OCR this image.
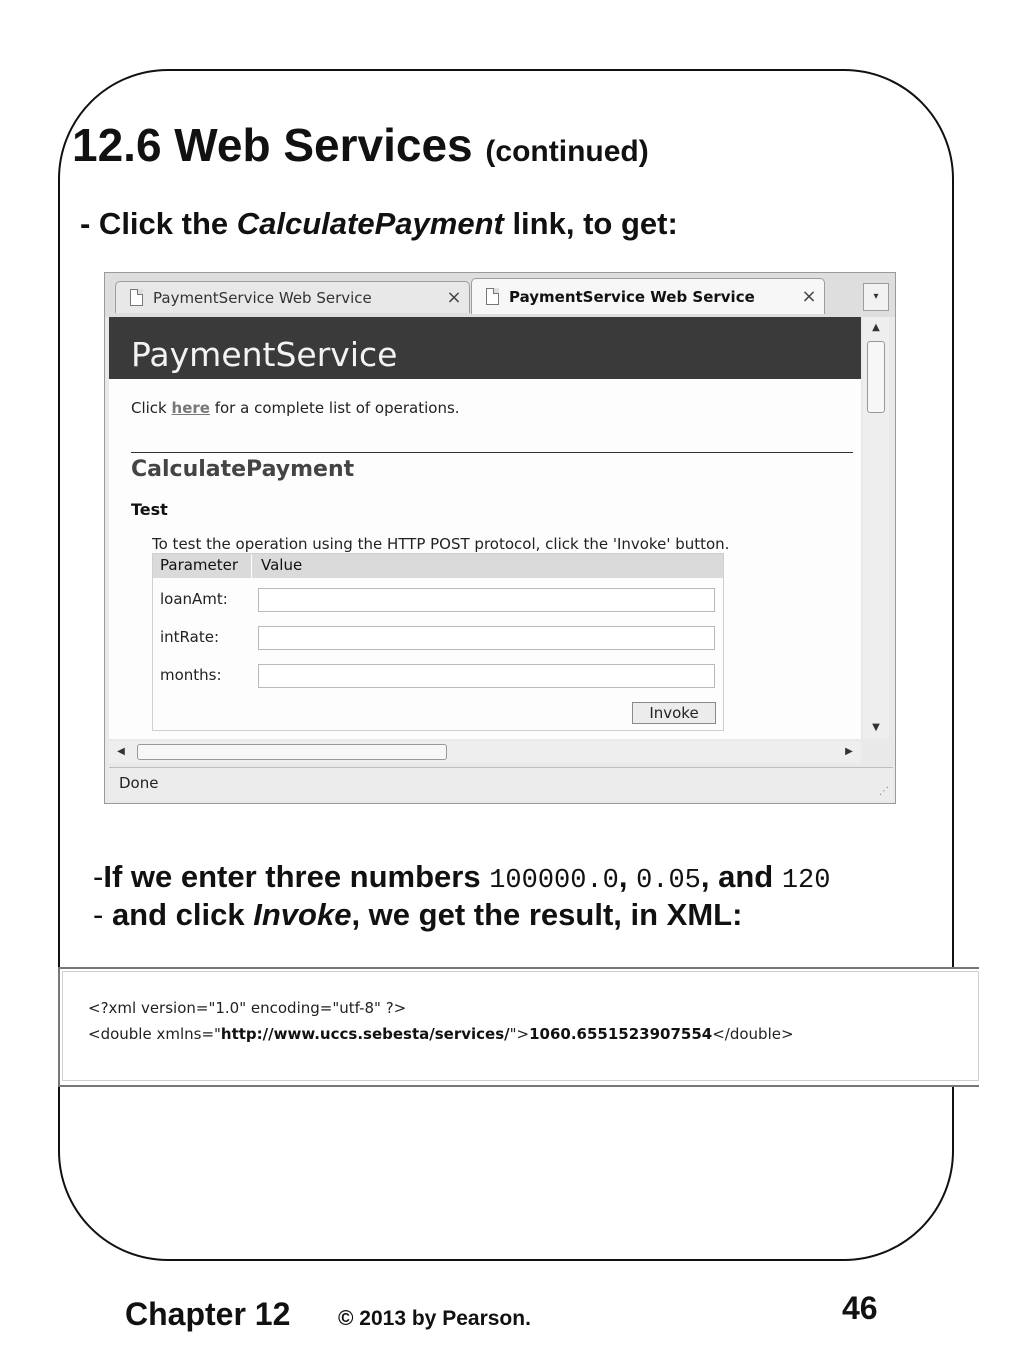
12.6 Web Services (continued)
- Click the CalculatePayment link, to get:
PaymentService Web Service	×	PaymentService Web Service	×	▾
PaymentService
Click here for a complete list of operations.
CalculatePayment
Test
To test the operation using the HTTP POST protocol, click the 'Invoke' button.
Parameter Value
loanAmt:
intRate:
months:
Invoke
▲
▼
◀	▶
Done	⋰
-If we enter three numbers 100000.0, 0.05, and 120
- and click Invoke, we get the result, in XML:
<?xml version="1.0" encoding="utf-8" ?>
<double xmlns="http://www.uccs.sebesta/services/">1060.6551523907554</double>
Chapter 12 © 2013 by Pearson.	46
